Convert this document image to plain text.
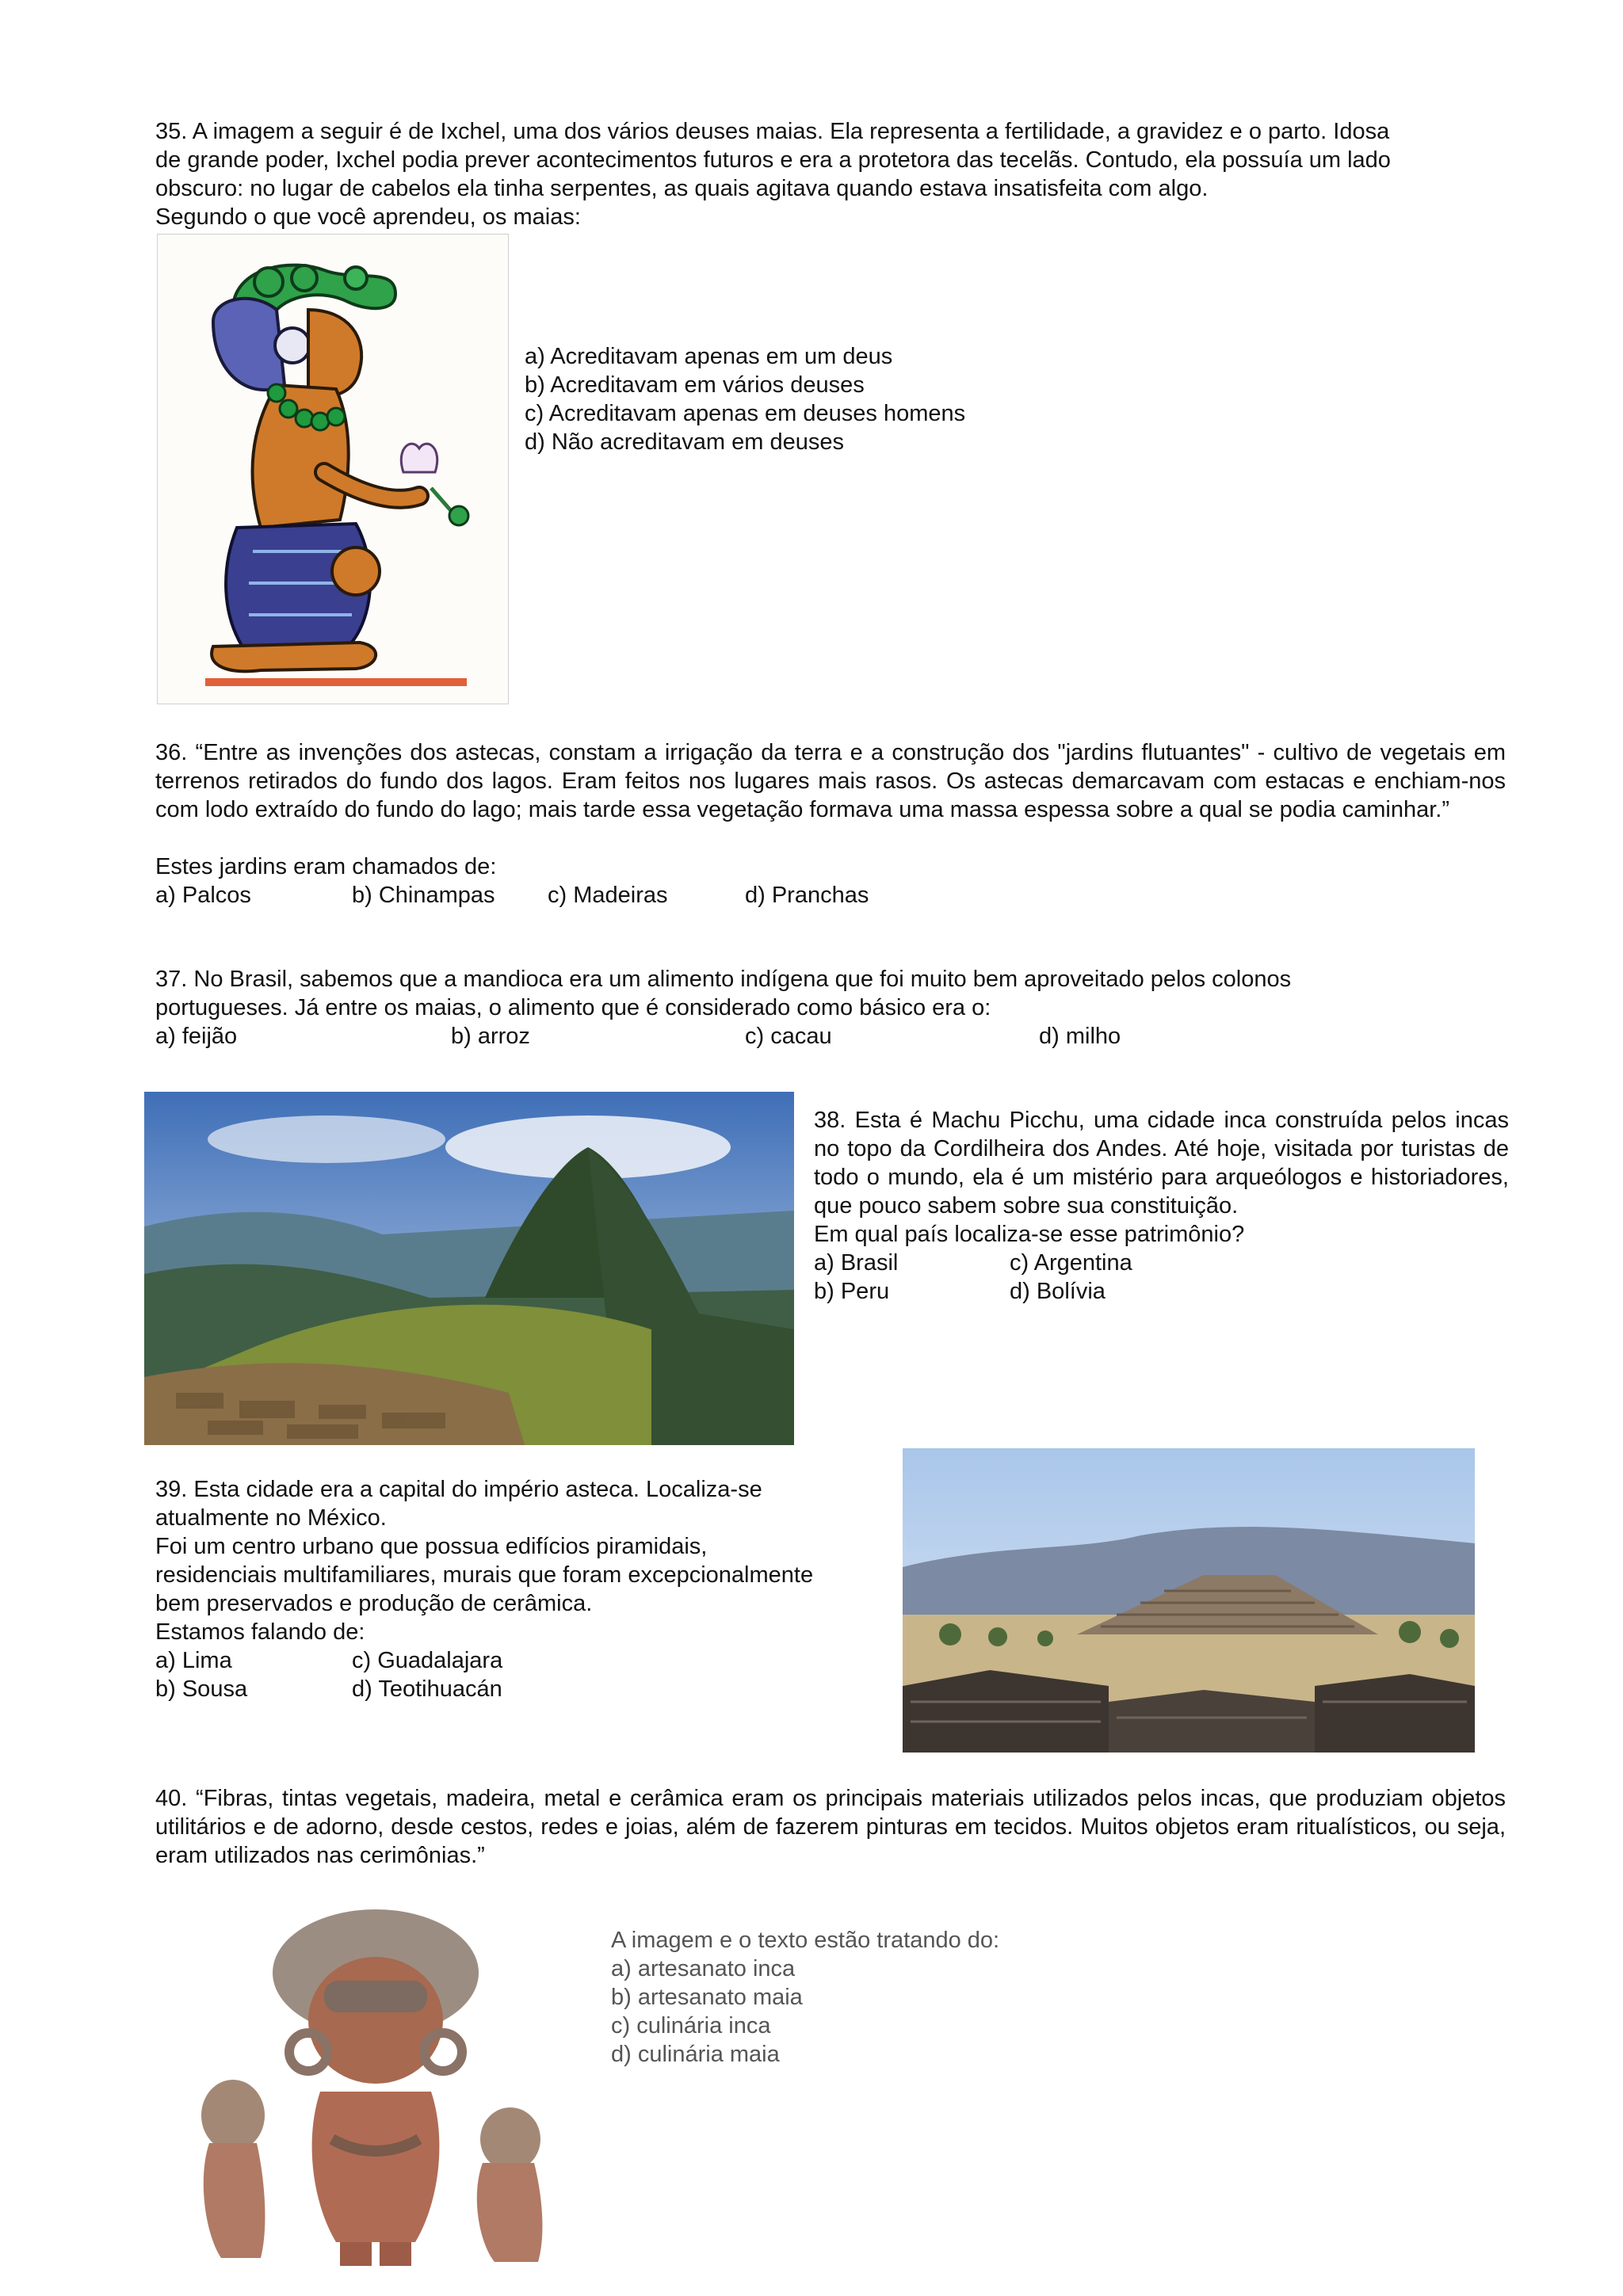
35. A imagem a seguir é de Ixchel, uma dos vários deuses maias. Ela representa a fertilidade, a gravidez e o parto. Idosa
de grande poder, Ixchel podia prever acontecimentos futuros e era a protetora das tecelãs. Contudo, ela possuía um lado
obscuro: no lugar de cabelos ela tinha serpentes, as quais agitava quando estava insatisfeita com algo.
Segundo o que você aprendeu, os maias:
a) Acreditavam apenas em um deus
b) Acreditavam em vários deuses
c) Acreditavam apenas em deuses homens
d) Não acreditavam em deuses
36. “Entre as invenções dos astecas, constam a irrigação da terra e a construção dos "jardins flutuantes" - cultivo de vegetais em terrenos retirados do fundo dos lagos. Eram feitos nos lugares mais rasos. Os astecas demarcavam com estacas e enchiam-nos com lodo extraído do fundo do lago; mais tarde essa vegetação formava uma massa espessa sobre a qual se podia caminhar.”
Estes jardins eram chamados de:
a) Palcos	b) Chinampas c) Madeiras	d) Pranchas
37. No Brasil, sabemos que a mandioca era um alimento indígena que foi muito bem aproveitado pelos colonos
portugueses. Já entre os maias, o alimento que é considerado como básico era o:
a) feijão	b) arroz	c) cacau	d) milho
38. Esta é Machu Picchu, uma cidade inca construída pelos incas no topo da Cordilheira dos Andes. Até hoje, visitada por turistas de todo o mundo, ela é um mistério para arqueólogos e historiadores, que pouco sabem sobre sua constituição.
Em qual país localiza-se esse patrimônio?
a) Brasil	c) Argentina
b) Peru	d) Bolívia
39. Esta cidade era a capital do império asteca. Localiza-se
atualmente no México.
Foi um centro urbano que possua edifícios piramidais,
residenciais multifamiliares, murais que foram excepcionalmente
bem preservados e produção de cerâmica.
Estamos falando de:
a) Lima	c) Guadalajara
b) Sousa	d) Teotihuacán
40. “Fibras, tintas vegetais, madeira, metal e cerâmica eram os principais materiais utilizados pelos incas, que produziam objetos utilitários e de adorno, desde cestos, redes e joias, além de fazerem pinturas em tecidos. Muitos objetos eram ritualísticos, ou seja, eram utilizados nas cerimônias.”
A imagem e o texto estão tratando do:
a) artesanato inca
b) artesanato maia
c) culinária inca
d) culinária maia
